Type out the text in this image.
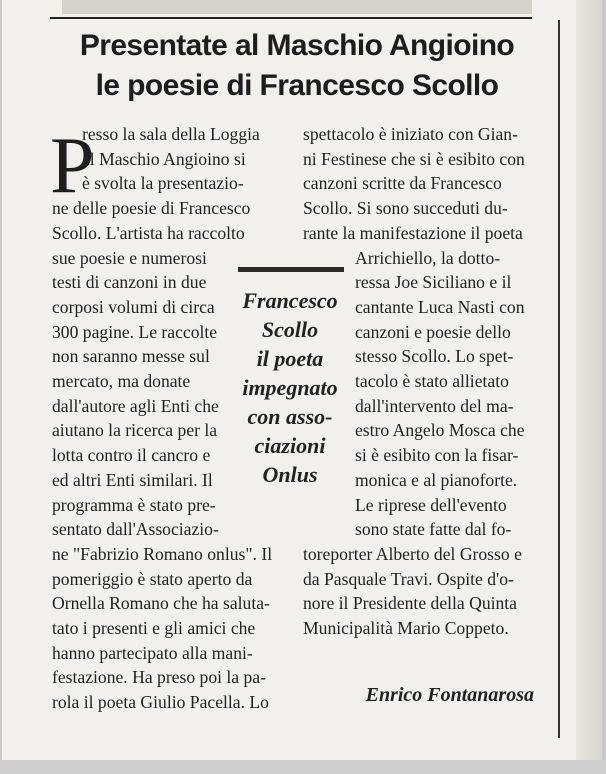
Presentate al Maschio Angioino
le poesie di Francesco Scollo
P
resso la sala della Loggia
al Maschio Angioino si
è svolta la presentazio-
ne delle poesie di Francesco
Scollo. L'artista ha raccolto
sue poesie e numerosi
testi di canzoni in due
corposi volumi di circa
300 pagine. Le raccolte
non saranno messe sul
mercato, ma donate
dall'autore agli Enti che
aiutano la ricerca per la
lotta contro il cancro e
ed altri Enti similari. Il
programma è stato pre-
sentato dall'Associazio-
ne "Fabrizio Romano onlus". Il
pomeriggio è stato aperto da
Ornella Romano che ha saluta-
tato i presenti e gli amici che
hanno partecipato alla mani-
festazione. Ha preso poi la pa-
rola il poeta Giulio Pacella. Lo
spettacolo è iniziato con Gian-
ni Festinese che si è esibito con
canzoni scritte da Francesco
Scollo. Si sono succeduti du-
rante la manifestazione il poeta
Arrichiello, la dotto-
ressa Joe Siciliano e il
cantante Luca Nasti con
canzoni e poesie dello
stesso Scollo. Lo spet-
tacolo è stato allietato
dall'intervento del ma-
estro Angelo Mosca che
si è esibito con la fisar-
monica e al pianoforte.
Le riprese dell'evento
sono state fatte dal fo-
toreporter Alberto del Grosso e
da Pasquale Travi. Ospite d'o-
nore il Presidente della Quinta
Municipalità Mario Coppeto.
Francesco
Scollo
il poeta
impegnato
con asso-
ciazioni
Onlus
Enrico Fontanarosa
